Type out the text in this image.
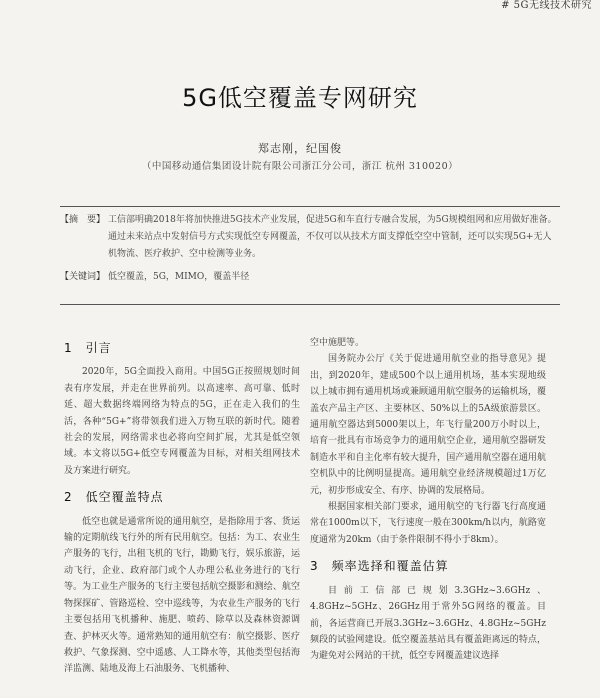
# 5G无线技术研究
5G低空覆盖专网研究
郑志刚，纪国俊
（中国移动通信集团设计院有限公司浙江分公司，浙江 杭州 310020）
【摘　要】 工信部明确2018年将加快推进5G技术产业发展，促进5G和车直行专融合发展，为5G规模组网和应用做好准备。通过未来站点中发射信号方式实现低空专网覆盖，不仅可以从技术方面支撑低空空中管制，还可以实现5G+无人机物流、医疗救护、空中检测等业务。
【关键词】 低空覆盖，5G，MIMO，覆盖半径
1　引言

2020年，5G全面投入商用。中国5G正按照规划时间表有序发展，并走在世界前列。以高速率、高可靠、低时延、超大数据终端网络为特点的5G，正在走入我们的生活，各种“5G+”将带领我们进入万物互联的新时代。随着社会的发展，网络需求也必将向空间扩展，尤其是低空领域。本文将以5G+低空专网覆盖为目标，对相关组网技术及方案进行研究。

2　低空覆盖特点

低空也就是通常所说的通用航空，是指除用于客、货运输的定期航线飞行外的所有民用航空。包括：为工、农业生产服务的飞行，出租飞机的飞行，勘勤飞行，娱乐旅游，运动飞行，企业、政府部门或个人办理公私业务进行的飞行等。为工业生产服务的飞行主要包括航空摄影和测绘、航空物探探矿、管路巡检、空中巡线等，为农业生产服务的飞行主要包括用飞机播种、施肥、喷药、除草以及森林资源调查、护林灭火等。通常熟知的通用航空有：航空摄影、医疗救护、气象探测、空中遥感、人工降水等，其他类型包括海洋监测、陆地及海上石油服务、飞机播种、

空中施肥等。

国务院办公厅《关于促进通用航空业的指导意见》提出，到2020年，建成500个以上通用机场，基本实现地级以上城市拥有通用机场或兼顾通用航空服务的运输机场，覆盖农产品主产区、主要林区、50%以上的5A级旅游景区。通用航空器达到5000架以上，年飞行量200万小时以上，培育一批具有市场竞争力的通用航空企业，通用航空器研发制造水平和自主化率有较大提升，国产通用航空器在通用航空机队中的比例明显提高。通用航空业经济规模超过1万亿元，初步形成安全、有序、协调的发展格局。

根据国家相关部门要求，通用航空的飞行器飞行高度通常在1000m以下，飞行速度一般在300km/h以内，航路宽度通常为20km（由于条件限制不得小于8km）。

3　频率选择和覆盖估算

目前工信部已规划3.3GHz~3.6GHz、4.8GHz~5GHz、26GHz用于常外5G网络的覆盖。目前，各运营商已开展3.3GHz~3.6GHz、4.8GHz~5GHz频段的试验网建设。低空覆盖基站具有覆盖距离远的特点，为避免对公网站的干扰，低空专网覆盖建议选择
